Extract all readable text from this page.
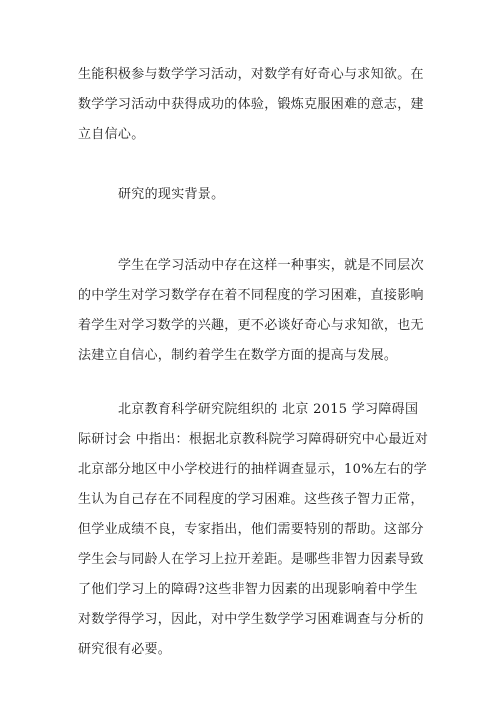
生能积极参与数学学习活动，对数学有好奇心与求知欲。在
数学学习活动中获得成功的体验，锻炼克服困难的意志，建
立自信心。
研究的现实背景。
学生在学习活动中存在这样一种事实，就是不同层次
的中学生对学习数学存在着不同程度的学习困难，直接影响
着学生对学习数学的兴趣，更不必谈好奇心与求知欲，也无
法建立自信心，制约着学生在数学方面的提高与发展。
北京教育科学研究院组织的 北京 2015 学习障碍国
际研讨会 中指出：根据北京教科院学习障碍研究中心最近对
北京部分地区中小学校进行的抽样调查显示，10%左右的学
生认为自己存在不同程度的学习困难。这些孩子智力正常，
但学业成绩不良，专家指出，他们需要特别的帮助。这部分
学生会与同龄人在学习上拉开差距。是哪些非智力因素导致
了他们学习上的障碍?这些非智力因素的出现影响着中学生
对数学得学习，因此，对中学生数学学习困难调查与分析的
研究很有必要。
